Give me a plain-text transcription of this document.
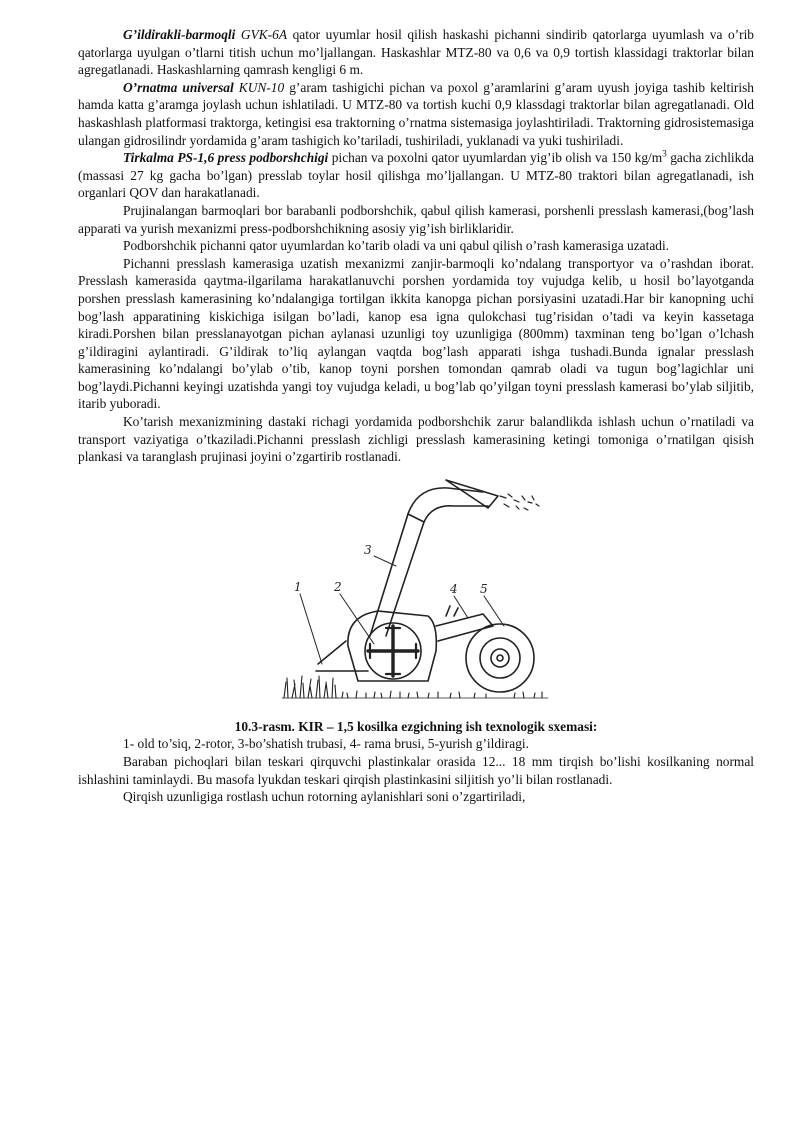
G’ildirakli-barmoqli GVK-6A qator uyumlar hosil qilish haskashi pichanni sindirib qatorlarga uyumlash va o’rib qatorlarga uyulgan o’tlarni titish uchun mo’ljallangan. Haskashlar MTZ-80 va 0,6 va 0,9 tortish klassidagi traktorlar bilan agregatlanadi. Haskashlarning qamrash kengligi 6 m.

O’rnatma universal KUN-10 g’aram tashigichi pichan va poxol g’aramlarini g’aram uyush joyiga tashib keltirish hamda katta g’aramga joylash uchun ishlatiladi. U MTZ-80 va tortish kuchi 0,9 klassdagi traktorlar bilan agregatlanadi. Old haskashlash platformasi traktorga, ketingisi esa traktorning o’rnatma sistemasiga joylashtiriladi. Traktorning gidrosistemasiga ulangan gidrosilindr yordamida g’aram tashigich ko’tariladi, tushiriladi, yuklanadi va yuki tushiriladi.

Tirkalma PS-1,6 press podborshchigi pichan va poxolni qator uyumlardan yig’ib olish va 150 $kg/m^3$ gacha zichlikda (massasi 27 kg gacha bo’lgan) presslab toylar hosil qilishga mo’ljallangan. U MTZ-80 traktori bilan agregatlanadi, ish organlari QOV dan harakatlanadi.

Prujinalangan barmoqlari bor barabanli podborshchik, qabul qilish kamerasi, porshenli presslash kamerasi,(bog’lash apparati va yurish mexanizmi press-podborshchikning asosiy yig’ish birliklaridir.

Podborshchik pichanni qator uyumlardan ko’tarib oladi va uni qabul qilish o’rash kamerasiga uzatadi.

Pichanni presslash kamerasiga uzatish mexanizmi zanjir-barmoqli ko’ndalang transportyor va o’rashdan iborat. Presslash kamerasida qaytma-ilgarilama harakatlanuvchi porshen yordamida toy vujudga kelib, u hosil bo’layotganda porshen presslash kamerasining ko’ndalangiga tortilgan ikkita kanopga pichan porsiyasini uzatadi.Har bir kanopning uchi bog’lash apparatining kiskichiga isilgan bo’ladi, kanop esa igna qulokchasi tug’risidan o’tadi va keyin kassetaga kiradi.Porshen bilan presslanayotgan pichan aylanasi uzunligi toy uzunligiga (800mm) taxminan teng bo’lgan o’lchash g’ildiragini aylantiradi. G’ildirak to’liq aylangan vaqtda bog’lash apparati ishga tushadi.Bunda ignalar presslash kamerasining ko’ndalangi bo’ylab o’tib, kanop toyni porshen tomondan qamrab oladi va tugun bog’lagichlar uni bog’laydi.Pichanni keyingi uzatishda yangi toy vujudga keladi, u bog’lab qo’yilgan toyni presslash kamerasi bo’ylab siljitib, itarib yuboradi.

Ko’tarish mexanizmining dastaki richagi yordamida podborshchik zarur balandlikda ishlash uchun o’rnatiladi va transport vaziyatiga o’tkaziladi.Pichanni presslash zichligi presslash kamerasining ketingi tomoniga o’rnatilgan qisish plankasi va taranglash prujinasi joyini o’zgartirib rostlanadi.

1	2
3
4 5
10.3-rasm. KIR – 1,5 kosilka ezgichning ish texnologik sxemasi:
1- old to’siq, 2-rotor, 3-bo’shatish trubasi, 4- rama brusi, 5-yurish g’ildiragi.

Baraban pichoqlari bilan teskari qirquvchi plastinkalar orasida 12... 18 mm tirqish bo’lishi kosilkaning normal ishlashini taminlaydi. Bu masofa lyukdan teskari qirqish plastinkasini siljitish yo’li bilan rostlanadi.

Qirqish uzunligiga rostlash uchun rotorning aylanishlari soni o’zgartiriladi,
